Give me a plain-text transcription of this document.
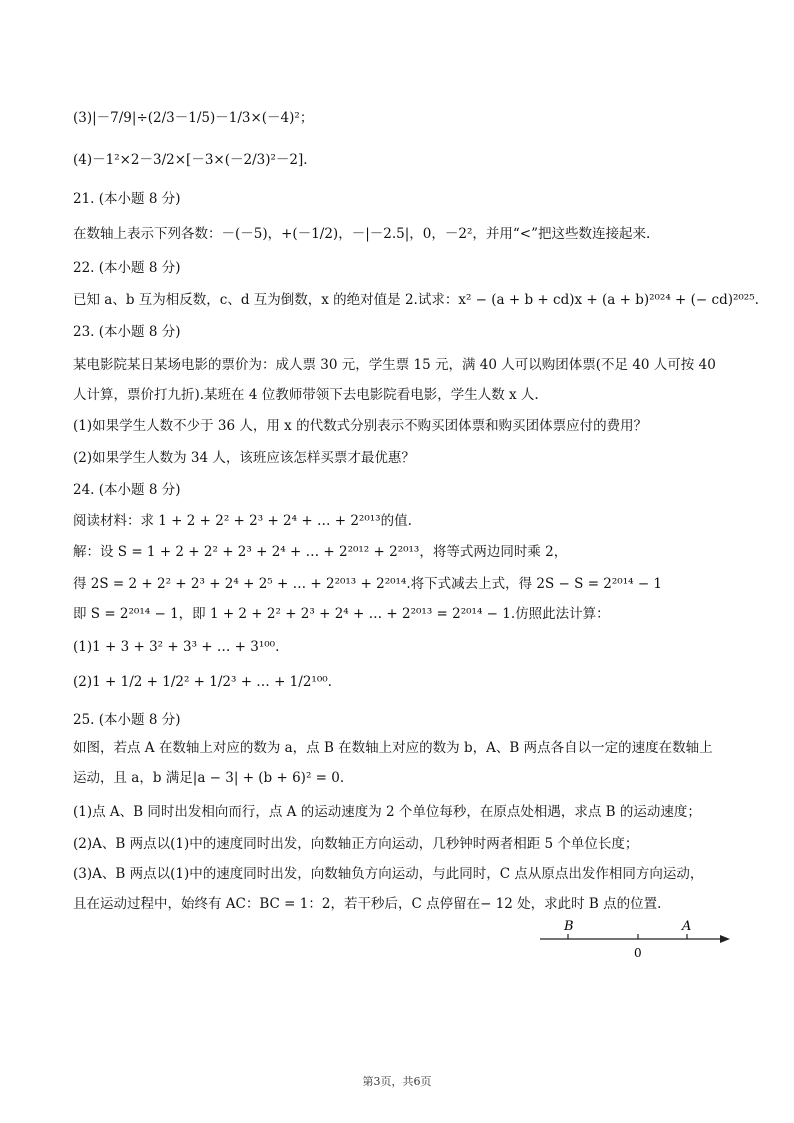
(3)|－7/9|÷(2/3－1/5)－1/3×(－4)²；
(4)－1²×2－3/2×[－3×(－2/3)²－2].
21. (本小题 8 分)
在数轴上表示下列各数：－(－5)，+(－1/2)，－|－2.5|，0，－2²，并用“<”把这些数连接起来.
22. (本小题 8 分)
已知 a、b 互为相反数，c、d 互为倒数，x 的绝对值是 2.试求：x² − (a + b + cd)x + (a + b)²⁰²⁴ + (− cd)²⁰²⁵.
23. (本小题 8 分)
某电影院某日某场电影的票价为：成人票 30 元，学生票 15 元，满 40 人可以购团体票(不足 40 人可按 40
人计算，票价打九折).某班在 4 位教师带领下去电影院看电影，学生人数 x 人.
(1)如果学生人数不少于 36 人，用 x 的代数式分别表示不购买团体票和购买团体票应付的费用？
(2)如果学生人数为 34 人，该班应该怎样买票才最优惠？
24. (本小题 8 分)
阅读材料：求 1 + 2 + 2² + 2³ + 2⁴ + … + 2²⁰¹³的值.
解：设 S = 1 + 2 + 2² + 2³ + 2⁴ + … + 2²⁰¹² + 2²⁰¹³，将等式两边同时乘 2，
得 2S = 2 + 2² + 2³ + 2⁴ + 2⁵ + … + 2²⁰¹³ + 2²⁰¹⁴.将下式减去上式，得 2S − S = 2²⁰¹⁴ − 1
即 S = 2²⁰¹⁴ − 1，即 1 + 2 + 2² + 2³ + 2⁴ + … + 2²⁰¹³ = 2²⁰¹⁴ − 1.仿照此法计算：
(1)1 + 3 + 3² + 3³ + … + 3¹⁰⁰.
(2)1 + 1/2 + 1/2² + 1/2³ + … + 1/2¹⁰⁰.
25. (本小题 8 分)
如图，若点 A 在数轴上对应的数为 a，点 B 在数轴上对应的数为 b，A、B 两点各自以一定的速度在数轴上
运动，且 a，b 满足|a − 3| + (b + 6)² = 0.
(1)点 A、B 同时出发相向而行，点 A 的运动速度为 2 个单位每秒，在原点处相遇，求点 B 的运动速度；
(2)A、B 两点以(1)中的速度同时出发，向数轴正方向运动，几秒钟时两者相距 5 个单位长度；
(3)A、B 两点以(1)中的速度同时出发，向数轴负方向运动，与此同时，C 点从原点出发作相同方向运动，
且在运动过程中，始终有 AC：BC = 1：2，若干秒后，C 点停留在− 12 处，求此时 B 点的位置.
B	A
0
第3页，共6页
